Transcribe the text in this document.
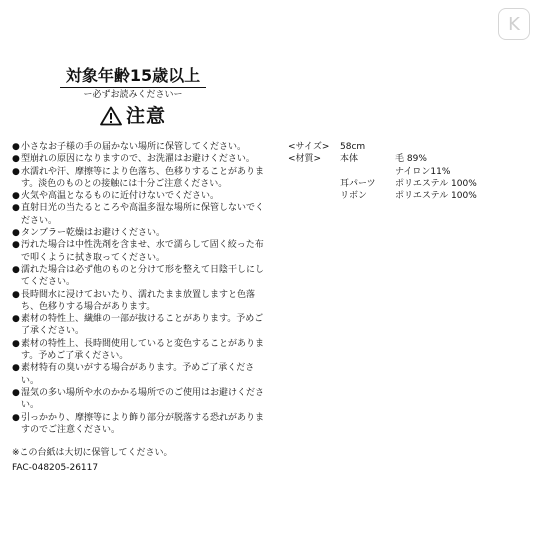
K
対象年齢15歳以上
ー必ずお読みくださいー
注意
● 小さなお子様の手の届かない場所に保管してください。
● 型崩れの原因になりますので、お洗濯はお避けください。
● 水濡れや汗、摩擦等により色落ち、色移りすることがあります。淡色のものとの接触には十分ご注意ください。
● 火気や高温となるものに近付けないでください。
● 直射日光の当たるところや高温多湿な場所に保管しないでください。
● タンブラー乾燥はお避けください。
● 汚れた場合は中性洗剤を含ませ、水で濡らして固く絞った布で叩くように拭き取ってください。
● 濡れた場合は必ず他のものと分けて形を整えて日陰干しにしてください。
● 長時間水に浸けておいたり、濡れたまま放置しますと色落ち、色移りする場合があります。
● 素材の特性上、繊維の一部が抜けることがあります。予めご了承ください。
● 素材の特性上、長時間使用していると変色することがあります。予めご了承ください。
● 素材特有の臭いがする場合があります。予めご了承ください。
● 湿気の多い場所や水のかかる場所でのご使用はお避けください。
● 引っかかり、摩擦等により飾り部分が脱落する恐れがありますのでご注意ください。
※この台紙は大切に保管してください。
FAC-048205-26117
<サイズ> 58cm
<材質> 本体	毛 89%
ナイロン11%
耳パーツ ポリエステル 100%
リボン	ポリエステル 100%
